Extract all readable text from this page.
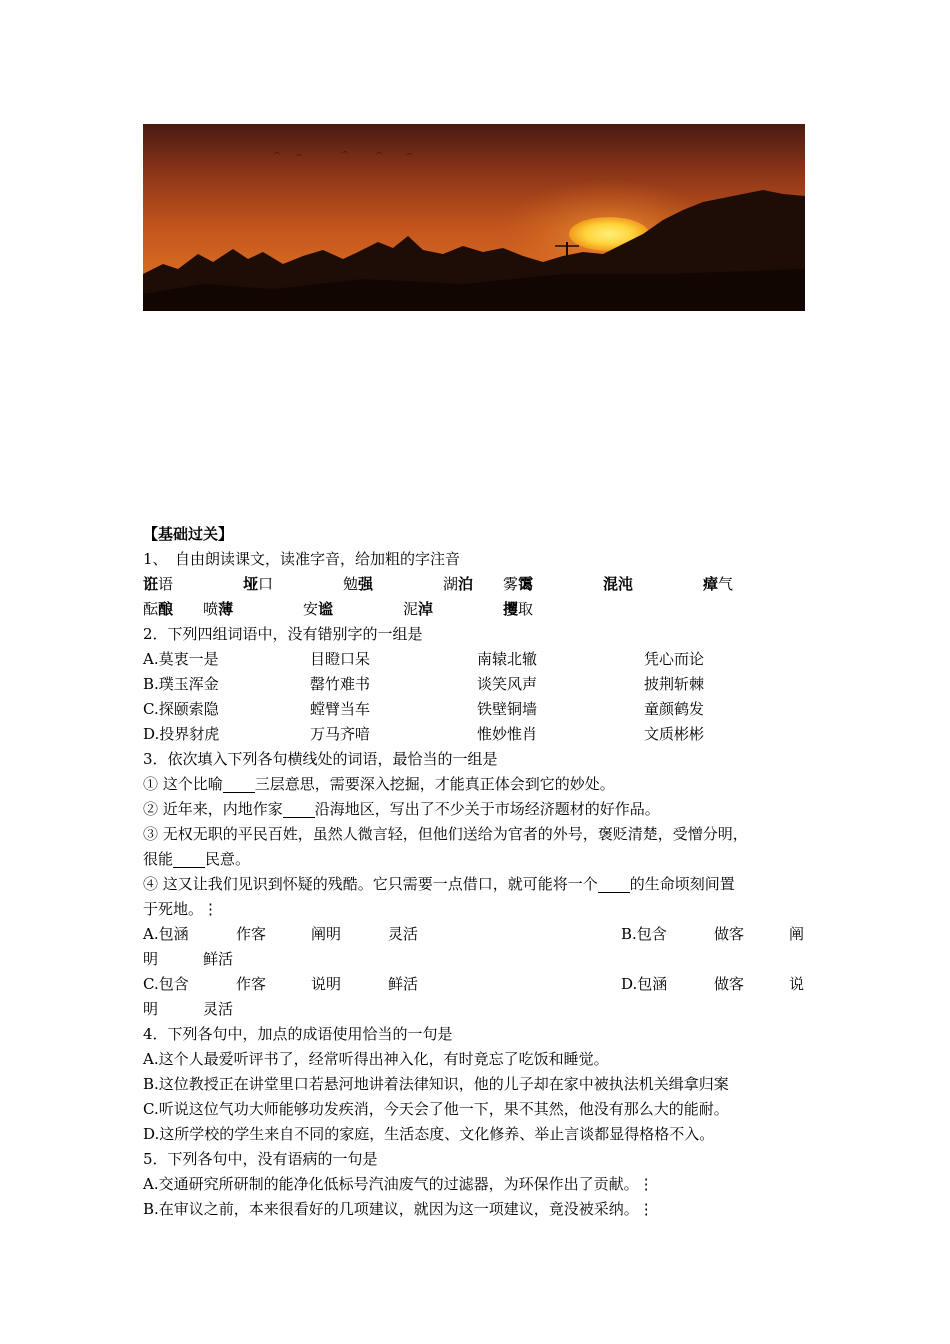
【基础过关】
1、　自由朗读课文，读准字音，给加粗的字注音
诳语	垭口	勉强	湖泊　　 雾霭	混沌	瘴气
酝酿　　 喷薄	安谧	泥淖	攫取
2．下列四组词语中，没有错别字的一组是
A.莫衷一是	目瞪口呆	南辕北辙	凭心而论
B.璞玉浑金	罄竹难书	谈笑风声	披荆斩棘
C.探颐索隐	螳臂当车	铁壁铜墙	童颜鹤发
D.投界豺虎	万马齐喑	惟妙惟肖	文质彬彬
3．依次填入下列各句横线处的词语，最恰当的一组是
① 这个比喻 三层意思，需要深入挖掘，才能真正体会到它的妙处。
② 近年来，内地作家 沿海地区，写出了不少关于市场经济题材的好作品。
③ 无权无职的平民百姓，虽然人微言轻，但他们送给为官者的外号，褒贬清楚，受憎分明，
很能 民意。
④ 这又让我们见识到怀疑的残酷。它只需要一点借口，就可能将一个 的生命顷刻间置
于死地。⋮
A.包涵	作客	阐明	灵活	B.包含	做客	阐
明　　　	鲜活
C.包含	作客	说明	鲜活	D.包涵	做客	说
明　　　	灵活
4．下列各句中，加点的成语使用恰当的一句是
A.这个人最爱听评书了，经常听得出神入化，有时竟忘了吃饭和睡觉。
B.这位教授正在讲堂里口若悬河地讲着法律知识，他的儿子却在家中被执法机关缉拿归案
C.听说这位气功大师能够功发疾消，今天会了他一下，果不其然，他没有那么大的能耐。
D.这所学校的学生来自不同的家庭，生活态度、文化修养、举止言谈都显得格格不入。
5．下列各句中，没有语病的一句是
A.交通研究所研制的能净化低标号汽油废气的过滤器，为环保作出了贡献。⋮
B.在审议之前，本来很看好的几项建议，就因为这一项建议，竟没被采纳。⋮
